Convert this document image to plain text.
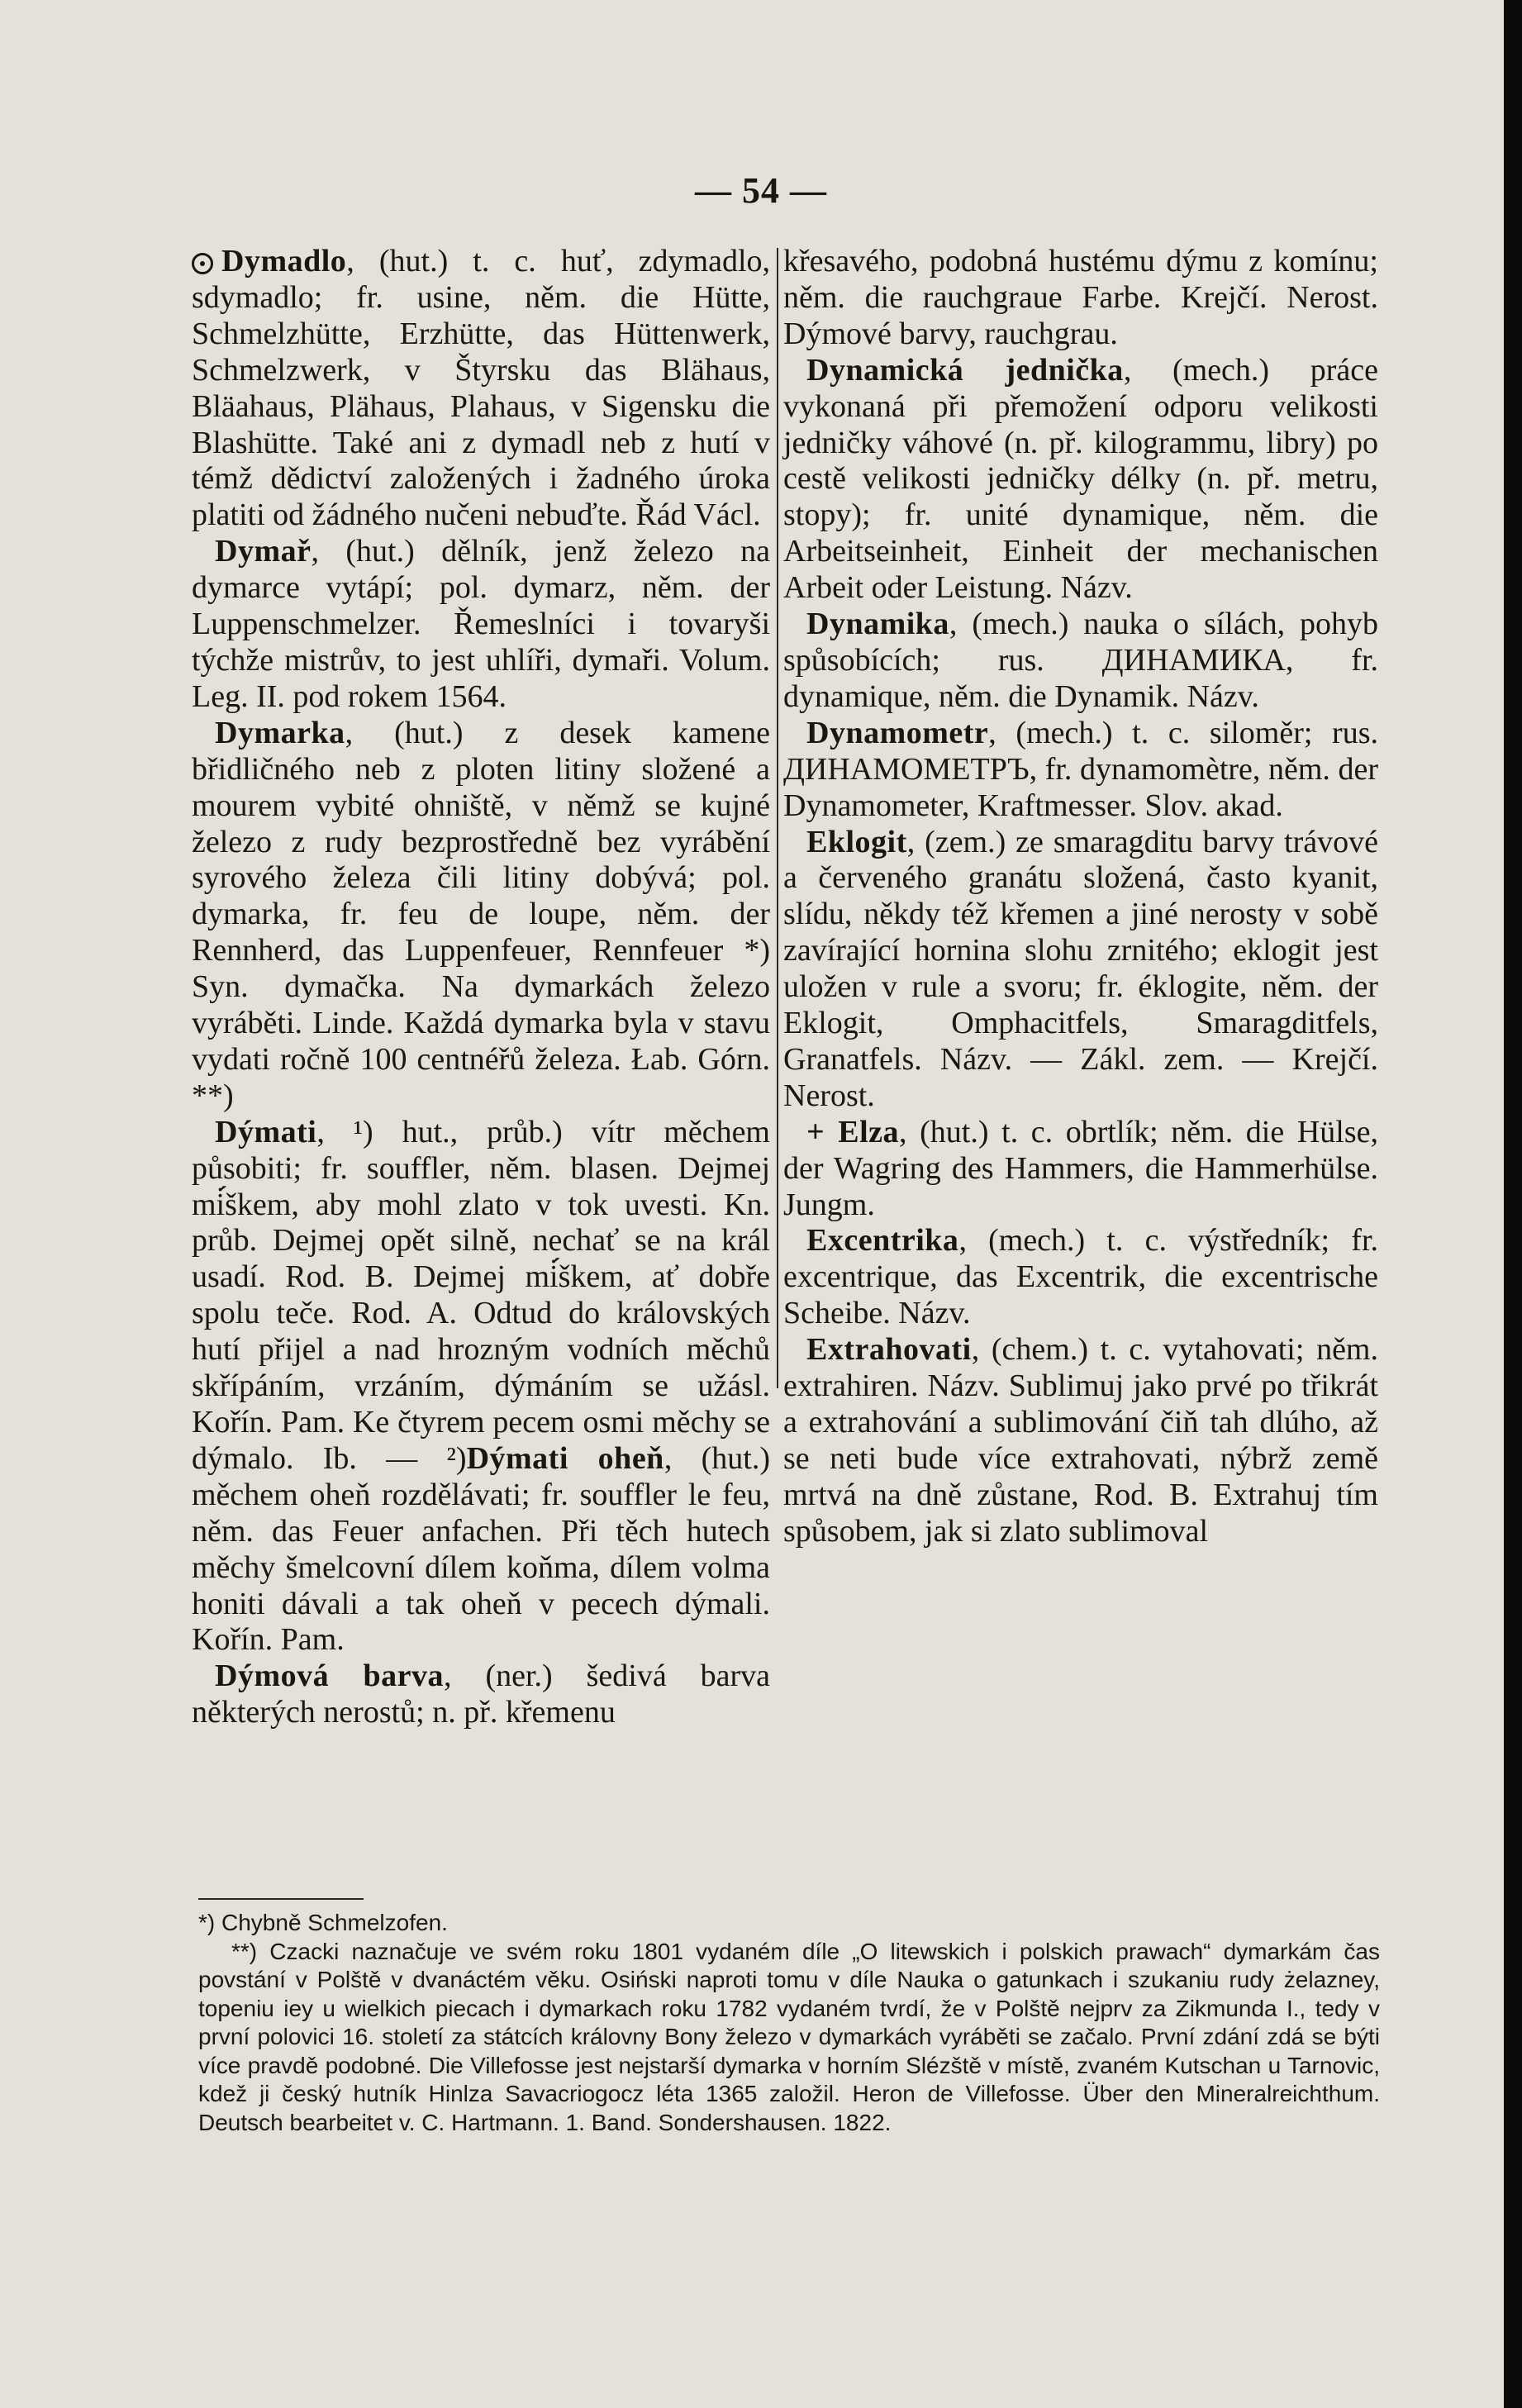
— 54 —

Dymadlo, (hut.) t. c. huť, zdymadlo, sdymadlo; fr. usine, něm. die Hütte, Schmelzhütte, Erzhütte, das Hüttenwerk, Schmelzwerk, v Štyrsku das Blähaus, Bläahaus, Plähaus, Plahaus, v Sigensku die Blashütte. Také ani z dymadl neb z hutí v témž dědictví založených i žadného úroka platiti od žádného nučeni nebuďte. Řád Václ.

Dymař, (hut.) dělník, jenž železo na dymarce vytápí; pol. dymarz, něm. der Luppenschmelzer. Řemeslníci i tovaryši týchže mistrův, to jest uhlíři, dymaři. Volum. Leg. II. pod rokem 1564.

Dymarka, (hut.) z desek kamene břidličného neb z ploten litiny složené a mourem vybité ohniště, v němž se kujné železo z rudy bezprostředně bez vyrábění syrového železa čili litiny dobývá; pol. dymarka, fr. feu de loupe, něm. der Rennherd, das Luppenfeuer, Rennfeuer *) Syn. dymačka. Na dymarkách železo vyráběti. Linde. Každá dymarka byla v stavu vydati ročně 100 centnéřů železa. Łab. Górn. **)

Dýmati, ¹) hut., průb.) vítr měchem působiti; fr. souffler, něm. blasen. Dejmej mi̇́škem, aby mohl zlato v tok uvesti. Kn. průb. Dejmej opět silně, nechať se na král usadí. Rod. B. Dejmej mi̇́škem, ať dobře spolu teče. Rod. A. Odtud do královských hutí přijel a nad hrozným vodních měchů skřípáním, vrzáním, dýmáním se užásl. Kořín. Pam. Ke čtyrem pecem osmi měchy se dýmalo. Ib. — ²)Dýmati oheň, (hut.) měchem oheň rozdělávati; fr. souffler le feu, něm. das Feuer anfachen. Při těch hutech měchy šmelcovní dílem koňma, dílem volma honiti dávali a tak oheň v pecech dýmali. Kořín. Pam.

Dýmová barva, (ner.) šedivá barva některých nerostů; n. př. křemenu

křesavého, podobná hustému dýmu z komínu; něm. die rauchgraue Farbe. Krejčí. Nerost. Dýmové barvy, rauchgrau.

Dynamická jednička, (mech.) práce vykonaná při přemožení odporu velikosti jedničky váhové (n. př. kilogrammu, libry) po cestě velikosti jedničky délky (n. př. metru, stopy); fr. unité dynamique, něm. die Arbeitseinheit, Einheit der mechanischen Arbeit oder Leistung. Názv.

Dynamika, (mech.) nauka o sílách, pohyb spůsobících; rus. ДИНАМИКА, fr. dynamique, něm. die Dynamik. Názv.

Dynamometr, (mech.) t. c. siloměr; rus. ДИНАМОМЕТРЪ, fr. dynamomètre, něm. der Dynamometer, Kraftmesser. Slov. akad.

Eklogit, (zem.) ze smaragditu barvy trávové a červeného granátu složená, často kyanit, slídu, někdy též křemen a jiné nerosty v sobě zavírající hornina slohu zrnitého; eklogit jest uložen v rule a svoru; fr. éklogite, něm. der Eklogit, Omphacitfels, Smaragditfels, Granatfels. Názv. — Zákl. zem. — Krejčí. Nerost.

+ Elza, (hut.) t. c. obrtlík; něm. die Hülse, der Wagring des Hammers, die Hammerhülse. Jungm.

Excentrika, (mech.) t. c. výstředník; fr. excentrique, das Excentrik, die excentrische Scheibe. Názv.

Extrahovati, (chem.) t. c. vytahovati; něm. extrahiren. Názv. Sublimuj jako prvé po třikrát a extrahování a sublimování čiň tah dlúho, až se neti bude více extrahovati, nýbrž země mrtvá na dně zůstane, Rod. B. Extrahuj tím spůsobem, jak si zlato sublimoval

*) Chybně Schmelzofen.

**) Czacki naznačuje ve svém roku 1801 vydaném díle „O litewskich i polskich prawach“ dymarkám čas povstání v Polště v dvanáctém věku. Osiński naproti tomu v díle Nauka o gatunkach i szukaniu rudy żelazney, topeniu iey u wielkich piecach i dymarkach roku 1782 vydaném tvrdí, že v Polště nejprv za Zikmunda I., tedy v první polovici 16. století za státcích královny Bony železo v dymarkách vyráběti se začalo. První zdání zdá se býti více pravdě podobné. Die Villefosse jest nejstarší dymarka v horním Slézště v místě, zvaném Kutschan u Tarnovic, kdež ji český hutník Hinlza Savacriogocz léta 1365 založil. Heron de Villefosse. Über den Mineralreichthum. Deutsch bearbeitet v. C. Hartmann. 1. Band. Sondershausen. 1822.
